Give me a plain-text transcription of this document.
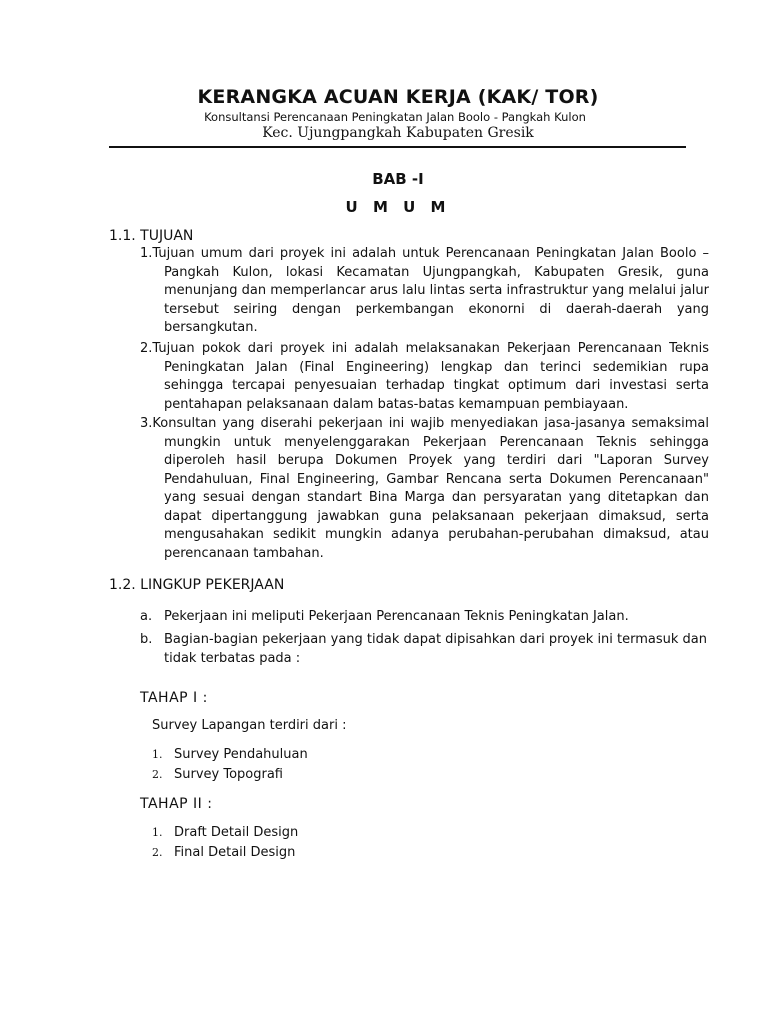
KERANGKA ACUAN KERJA (KAK/ TOR)
Konsultansi Perencanaan Peningkatan Jalan Boolo - Pangkah Kulon
Kec. Ujungpangkah Kabupaten Gresik
BAB -I
U M U M
1.1. TUJUAN

1.Tujuan umum dari proyek ini adalah untuk Perencanaan Peningkatan Jalan Boolo – Pangkah Kulon, lokasi Kecamatan Ujungpangkah, Kabupaten Gresik, guna menunjang dan memperlancar arus lalu lintas serta infrastruktur yang melalui jalur tersebut seiring dengan perkembangan ekonorni di daerah-daerah yang bersangkutan.

2.Tujuan pokok dari proyek ini adalah melaksanakan Pekerjaan Perencanaan Teknis Peningkatan Jalan (Final Engineering) lengkap dan terinci sedemikian rupa sehingga tercapai penyesuaian terhadap tingkat optimum dari investasi serta pentahapan pelaksanaan dalam batas-batas kemampuan pembiayaan.

3.Konsultan yang diserahi pekerjaan ini wajib menyediakan jasa-jasanya semaksimal mungkin untuk menyelenggarakan Pekerjaan Perencanaan Teknis sehingga diperoleh hasil berupa Dokumen Proyek yang terdiri dari "Laporan Survey Pendahuluan, Final Engineering, Gambar Rencana serta Dokumen Perencanaan" yang sesuai dengan standart Bina Marga dan persyaratan yang ditetapkan dan dapat dipertanggung jawabkan guna pelaksanaan pekerjaan dimaksud, serta mengusahakan sedikit mungkin adanya perubahan-perubahan dimaksud, atau perencanaan tambahan.

1.2. LINGKUP PEKERJAAN
a. Pekerjaan ini meliputi Pekerjaan Perencanaan Teknis Peningkatan Jalan.
b. Bagian-bagian pekerjaan yang tidak dapat dipisahkan dari proyek ini termasuk dan tidak terbatas pada :
TAHAP I :
Survey Lapangan terdiri dari :
1. Survey Pendahuluan
2. Survey Topografi
TAHAP II :
1. Draft Detail Design
2. Final Detail Design
